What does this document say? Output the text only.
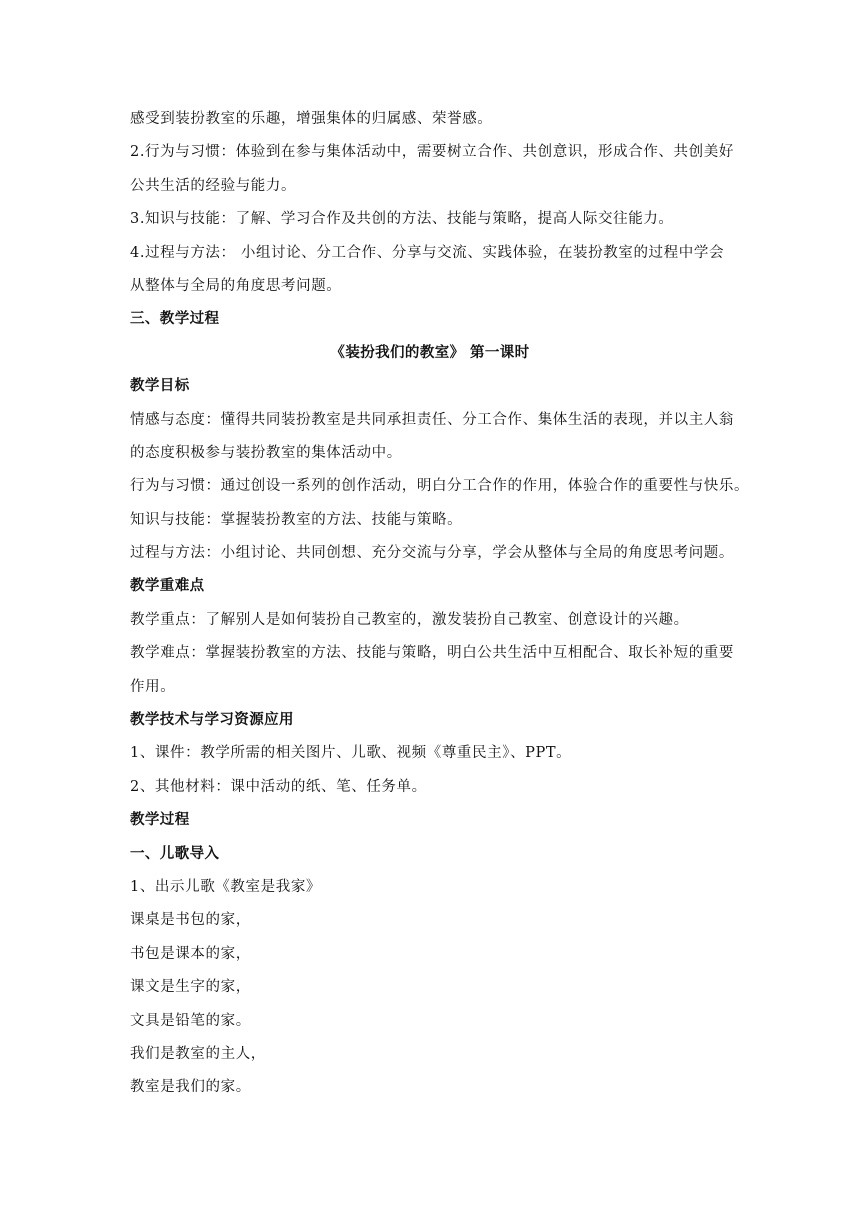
感受到装扮教室的乐趣，增强集体的归属感、荣誉感。

2.行为与习惯：体验到在参与集体活动中，需要树立合作、共创意识，形成合作、共创美好

公共生活的经验与能力。

3.知识与技能：了解、学习合作及共创的方法、技能与策略，提高人际交往能力。

4.过程与方法： 小组讨论、分工合作、分享与交流、实践体验，在装扮教室的过程中学会

从整体与全局的角度思考问题。

三、教学过程

《装扮我们的教室》 第一课时

教学目标

情感与态度：懂得共同装扮教室是共同承担责任、分工合作、集体生活的表现，并以主人翁

的态度积极参与装扮教室的集体活动中。

行为与习惯：通过创设一系列的创作活动，明白分工合作的作用，体验合作的重要性与快乐。

知识与技能：掌握装扮教室的方法、技能与策略。

过程与方法：小组讨论、共同创想、充分交流与分享，学会从整体与全局的角度思考问题。

教学重难点

教学重点：了解别人是如何装扮自己教室的，激发装扮自己教室、创意设计的兴趣。

教学难点：掌握装扮教室的方法、技能与策略，明白公共生活中互相配合、取长补短的重要

作用。

教学技术与学习资源应用

1、课件：教学所需的相关图片、儿歌、视频《尊重民主》、PPT。

2、其他材料：课中活动的纸、笔、任务单。

教学过程

一、儿歌导入

1、出示儿歌《教室是我家》

课桌是书包的家，

书包是课本的家，

课文是生字的家，

文具是铅笔的家。

我们是教室的主人，

教室是我们的家。
